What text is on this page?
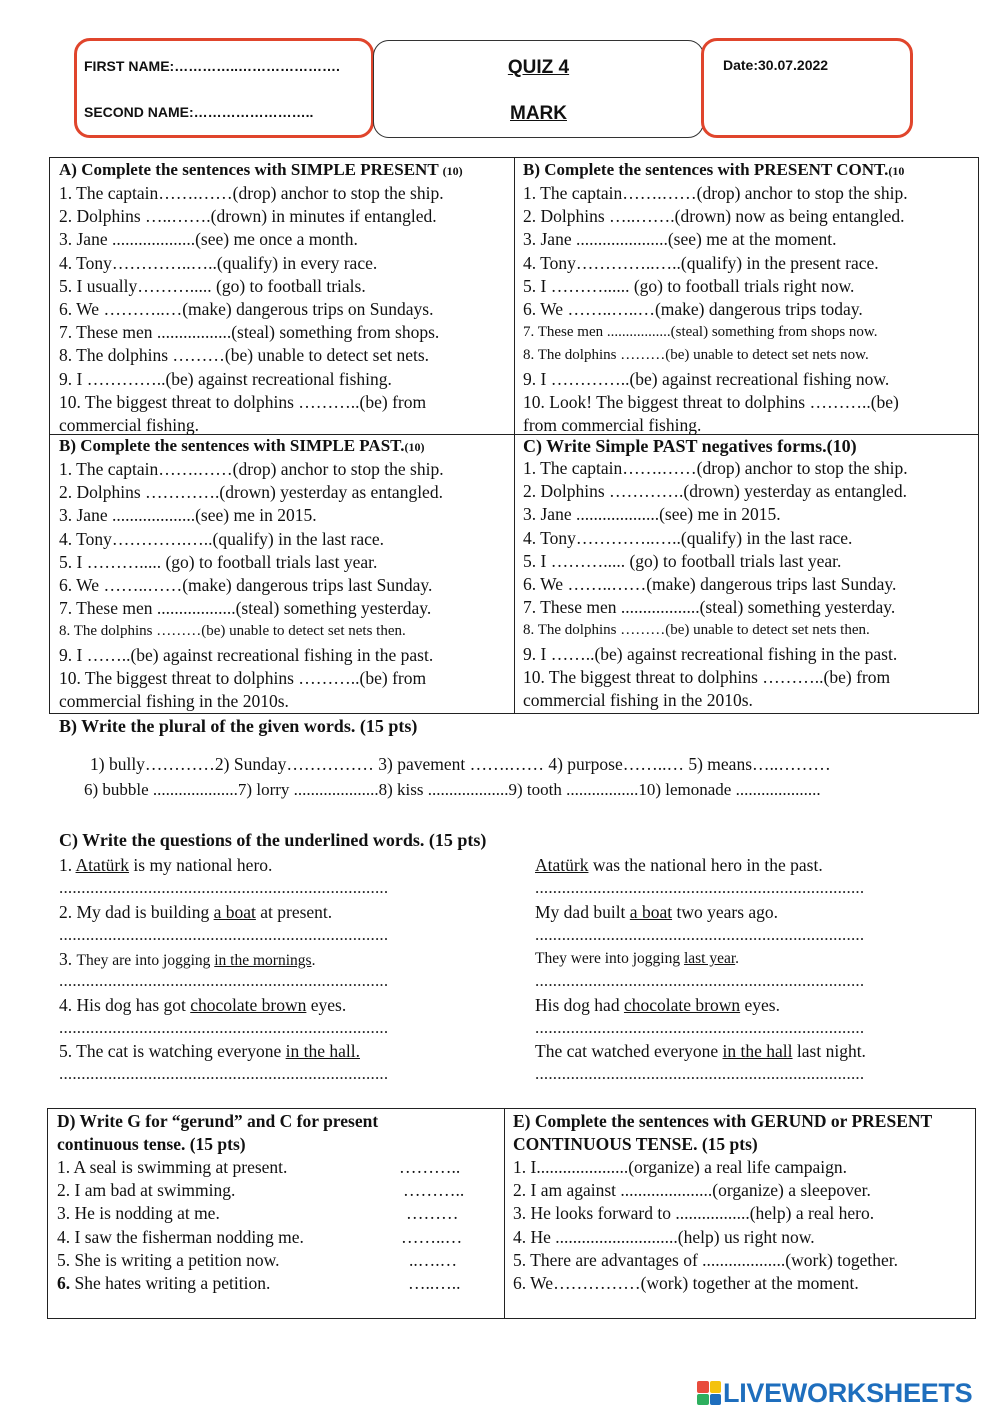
FIRST NAME:…………..………………….
SECOND NAME:……………………..
QUIZ 4
MARK
Date:30.07.2022
A) Complete the sentences with SIMPLE PRESENT (10)
1. The captain…….……(drop) anchor to stop the ship.
2. Dolphins …..…….(drown) in minutes if entangled.
3. Jane ...................(see) me once a month.
4. Tony…………..…..(qualify) in every race.
5. I usually………..... (go) to football trials.
6. We ………..…(make) dangerous trips on Sundays.
7. These men .................(steal) something from shops.
8. The dolphins ………(be) unable to detect set nets.
9. I …………..(be) against recreational fishing.
10. The biggest threat to dolphins ………..(be) from
commercial fishing.
B) Complete the sentences with PRESENT CONT.(10
1. The captain…….……(drop) anchor to stop the ship.
2. Dolphins …..…….(drown) now as being entangled.
3. Jane .....................(see) me at the moment.
4. Tony…………..…..(qualify) in the present race.
5. I ………...... (go) to football trials right now.
6. We ……..…..…(make) dangerous trips today.
7. These men .................(steal) something from shops now.
8. The dolphins ………(be) unable to detect set nets now.
9. I …………..(be) against recreational fishing now.
10. Look! The biggest threat to dolphins ………..(be)
from commercial fishing.
B) Complete the sentences with SIMPLE PAST.(10)
1. The captain…….……(drop) anchor to stop the ship.
2. Dolphins ………….(drown) yesterday as entangled.
3. Jane ...................(see) me in 2015.
4. Tony………….…..(qualify) in the last race.
5. I ………..... (go) to football trials last year.
6. We ……..……(make) dangerous trips last Sunday.
7. These men ..................(steal) something yesterday.
8. The dolphins ………(be) unable to detect set nets then.
9. I ……..(be) against recreational fishing in the past.
10. The biggest threat to dolphins ………..(be) from
commercial fishing in the 2010s.
C) Write Simple PAST negatives forms.(10)
1. The captain…….……(drop) anchor to stop the ship.
2. Dolphins ………….(drown) yesterday as entangled.
3. Jane ...................(see) me in 2015.
4. Tony…………..…..(qualify) in the last race.
5. I ………..... (go) to football trials last year.
6. We ……..……(make) dangerous trips last Sunday.
7. These men ..................(steal) something yesterday.
8. The dolphins ………(be) unable to detect set nets then.
9. I ……..(be) against recreational fishing in the past.
10. The biggest threat to dolphins ………..(be) from
commercial fishing in the 2010s.
B) Write the plural of the given words. (15 pts)
1) bully…………2) Sunday…………… 3) pavement …….…… 4) purpose……..… 5) means…..………
6) bubble ....................7) lorry ....................8) kiss ...................9) tooth .................10) lemonade ....................
C) Write the questions of the underlined words. (15 pts)
1. Atatürk is my national hero.	Atatürk was the national hero in the past.
..........................................................................	..........................................................................
2. My dad is building a boat at present.	My dad built a boat two years ago.
..........................................................................	..........................................................................
3. They are into jogging in the mornings.	They were into jogging last year.
..........................................................................	..........................................................................
4. His dog has got chocolate brown eyes.	His dog had chocolate brown eyes.
..........................................................................	..........................................................................
5. The cat is watching everyone in the hall.	The cat watched everyone in the hall last night.
..........................................................................	..........................................................................
D) Write G for “gerund” and C for present continuous tense. (15 pts)
1. A seal is swimming at present.	………..
2. I am bad at swimming.	………..
3. He is nodding at me.	………
4. I saw the fisherman nodding me.	……..…
5. She is writing a petition now.	..….…
6. She hates writing a petition.	…..…..
E) Complete the sentences with GERUND or PRESENT CONTINUOUS TENSE. (15 pts)
1. I.....................(organize) a real life campaign.
2. I am against .....................(organize) a sleepover.
3. He looks forward to .................(help) a real hero.
4. He ............................(help) us right now.
5. There are advantages of ...................(work) together.
6. We……………(work) together at the moment.
LIVEWORKSHEETS
